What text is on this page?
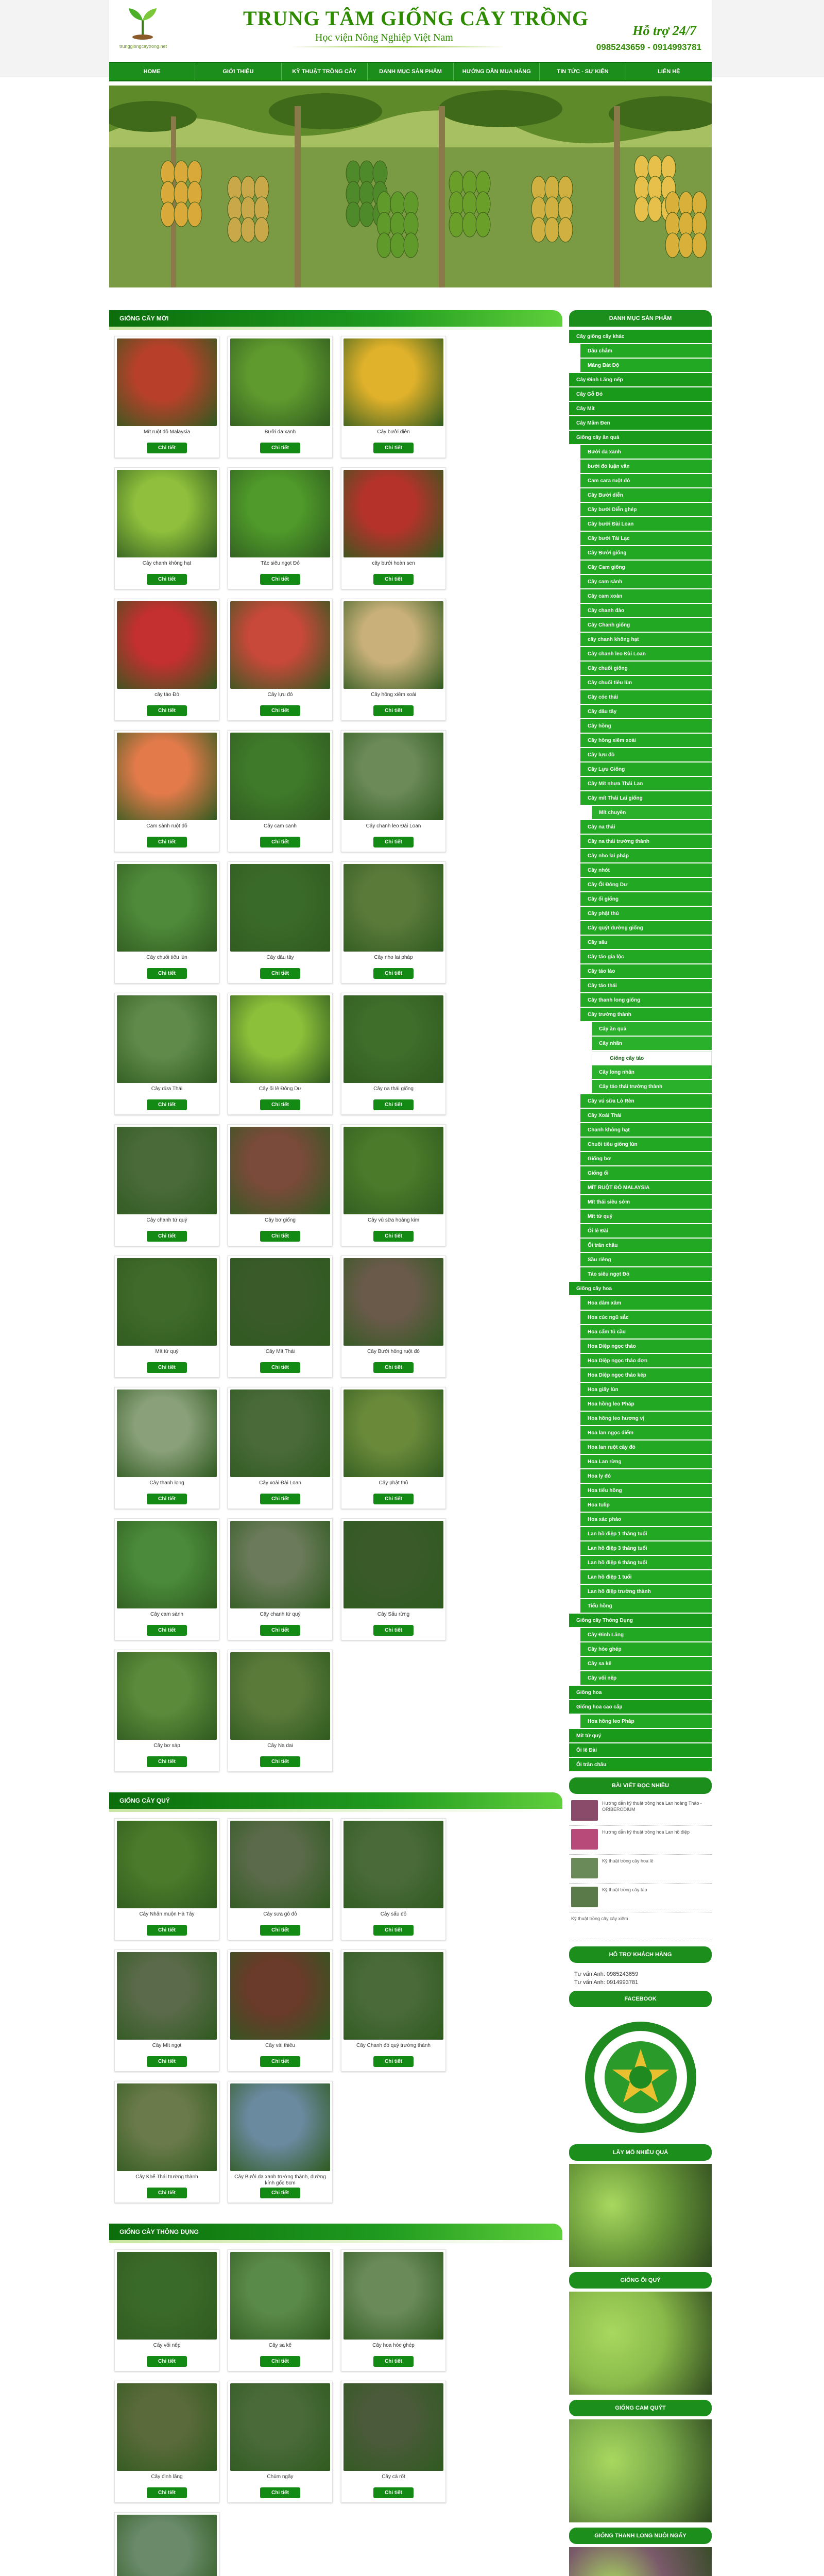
trunggiongcaytrong.net
TRUNG TÂM GIỐNG CÂY TRỒNG
Học viện Nông Nghiệp Việt Nam	Hỗ trợ 24/7
0985243659 - 0914993781
HOME	GIỚI THIỆU	KỸ THUẬT TRỒNG CÂY	DANH MỤC SẢN PHẨM	HƯỚNG DẪN MUA HÀNG	TIN TỨC - SỰ KIỆN	LIÊN HỆ
GIỐNG CÂY MỚI
Mít ruột đỏ Malaysia
Chi tiết
Bưởi da xanh
Chi tiết
Cây bưởi diễn
Chi tiết
Cây chanh không hạt
Chi tiết
Tắc siêu ngọt Đỏ
Chi tiết
cây bưởi hoàn sen
Chi tiết
cây táo Đỏ
Chi tiết
Cây lựu đỏ
Chi tiết
Cây hồng xiêm xoài
Chi tiết
Cam sành ruột đỏ
Chi tiết
Cây cam canh
Chi tiết
Cây chanh leo Đài Loan
Chi tiết
Cây chuối tiêu lùn
Chi tiết
Cây dâu tây
Chi tiết
Cây nho lai pháp
Chi tiết
Cây dừa Thái
Chi tiết
Cây ổi lê Đông Dư
Chi tiết
Cây na thái giống
Chi tiết
Cây chanh tứ quý
Chi tiết
Cây bơ giống
Chi tiết
Cây vú sữa hoàng kim
Chi tiết
Mít tứ quý
Chi tiết
Cây Mít Thái
Chi tiết
Cây Bưởi hồng ruột đỏ
Chi tiết
Cây thanh long
Chi tiết
Cây xoài Đài Loan
Chi tiết
Cây phật thủ
Chi tiết
Cây cam sành
Chi tiết
Cây chanh tứ quý
Chi tiết
Cây Sấu rừng
Chi tiết
Cây bơ sáp
Chi tiết
Cây Na dai
Chi tiết
GIỐNG CÂY QUÝ
Cây Nhãn muộn Hà Tây
Chi tiết
Cây sưa gỗ đỏ
Chi tiết
Cây sấu đỏ
Chi tiết
Cây Mít ngọt
Chi tiết
Cây vải thiều
Chi tiết
Cây Chanh đỏ quý trường thành
Chi tiết
Cây Khế Thái trường thành
Chi tiết
Cây Bưởi da xanh trường thành, đường kính gốc 6cm
Chi tiết
GIỐNG CÂY THÔNG DỤNG
Cây vối nếp
Chi tiết
Cây sa kê
Chi tiết
Cây hoa hòe ghép
Chi tiết
Cây đinh lăng
Chi tiết
Chùm ngây
Chi tiết
Cây cà rốt
Chi tiết
DANH MỤC SẢN PHẨM
Cây giống cây khác
Dâu chẫm
Măng Bát Độ
Cây Đinh Lăng nếp
Cây Gỗ Đỏ
Cây Mít
Cây Mãm Đen
Giống cây ăn quả
Bưởi da xanh
bưởi đỏ luận văn
Cam cara ruột đỏ
Cây Bưởi diễn
Cây bưởi Diễn ghép
Cây bưởi Đài Loan
Cây bưởi Tài Lạc
Cây Bưởi giống
Cây Cam giống
Cây cam sành
Cây cam xoàn
Cây chanh đào
Cây Chanh giống
cây chanh không hạt
Cây chanh leo Đài Loan
Cây chuối giống
Cây chuối tiêu lùn
Cây cóc thái
Cây dâu tây
Cây hồng
Cây hồng xiêm xoài
Cây lựu đỏ
Cây Lựu Giống
Cây Mít nhựa Thái Lan
Cây mít Thái Lai giống
Mít chuyên
Cây na thái
Cây na thái trường thành
Cây nho lai pháp
Cây nhót
Cây Ổi Đông Dư
Cây ổi giống
Cây phật thủ
Cây quýt đường giống
Cây sấu
Cây táo gia lộc
Cây táo lào
Cây táo thái
Cây thanh long giống
Cây trường thành
Cây ăn quả
Cây nhãn
Giống cây táo
Cây long nhãn
Cây táo thái trường thành
Cây vú sữa Lò Rèn
Cây Xoài Thái
Chanh không hạt
Chuối tiêu giống lùn
Giống bơ
Giống ổi
MÍT RUỘT ĐỎ MALAYSIA
Mít thái siêu sớm
Mít tứ quý
Ổi lê Đài
Ổi trân châu
Sầu riêng
Táo siêu ngọt Đỏ
Giống cây hoa
Hoa dâm xâm
Hoa cúc ngũ sắc
Hoa cẩm tú cầu
Hoa Diệp ngọc thảo
Hoa Diệp ngọc thảo đơn
Hoa Diệp ngọc thảo kép
Hoa giấy lùn
Hoa hồng leo Pháp
Hoa hồng leo hương vị
Hoa lan ngọc điểm
Hoa lan ruột cây đỏ
Hoa Lan rừng
Hoa ly đỏ
Hoa tiểu hồng
Hoa tulip
Hoa xác pháo
Lan hồ điệp 1 tháng tuổi
Lan hồ điệp 3 tháng tuổi
Lan hồ điệp 6 tháng tuổi
Lan hồ điệp 1 tuổi
Lan hồ điệp trường thành
Tiểu hồng
Giống cây Thông Dụng
Cây Đinh Lăng
Cây hòe ghép
Cây sa kê
Cây vối nếp
Giống hoa
Giống hoa cao cấp
Hoa hồng leo Pháp
Mít tứ quý
Ổi lê Đài
Ổi trân châu
BÀI VIẾT ĐỌC NHIỀU
Hướng dẫn kỹ thuật trồng hoa Lan hoàng Thảo - ORIBERODIUM
Hướng dẫn kỹ thuật trồng hoa Lan hồ điệp
Kỹ thuật trồng cây hoa lê
Kỹ thuật trồng cây táo
Kỹ thuật trồng cây cây xiêm
HỖ TRỢ KHÁCH HÀNG
Tư vấn Anh: 0985243659
Tư vấn Anh: 0914993781
FACEBOOK
LÂY MÔ NHIỀU QUẢ
GIỐNG ỔI QUÝ
GIỐNG CAM QUÝT
GIỐNG THANH LONG NUÔI NGẤY
